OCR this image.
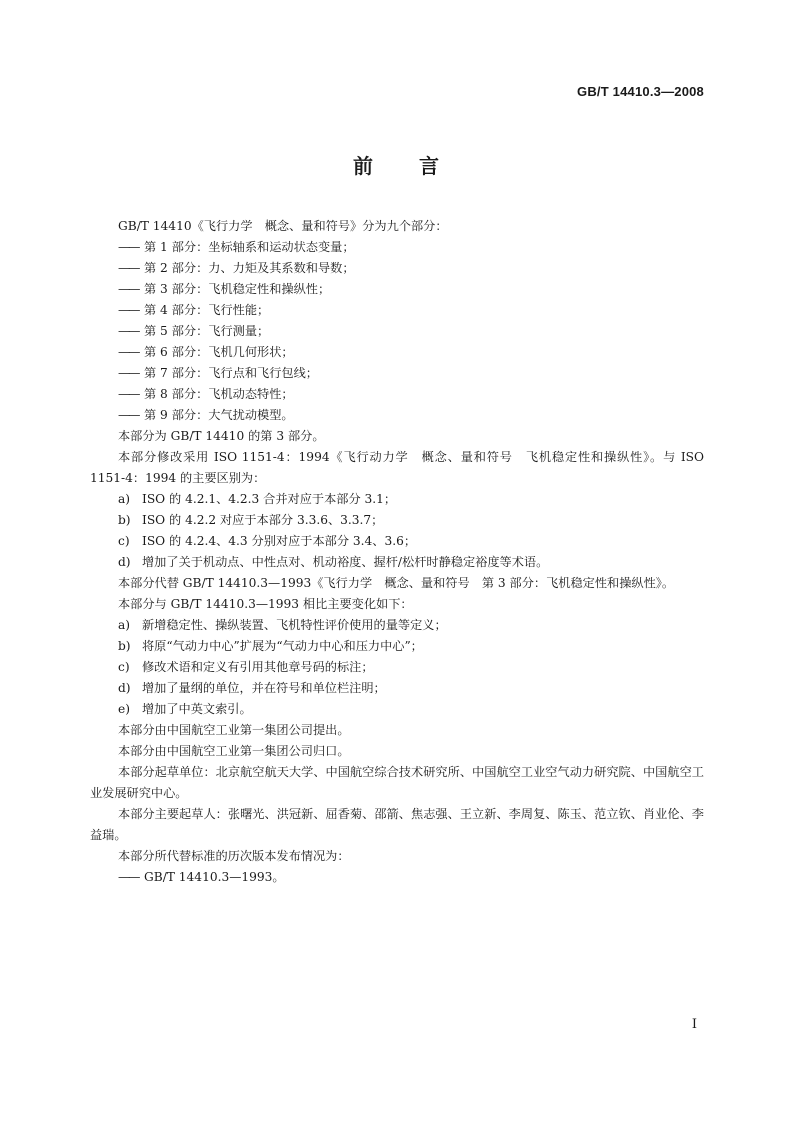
GB/T 14410.3—2008
前 言

GB/T 14410《飞行力学　概念、量和符号》分为九个部分：

—— 第 1 部分：坐标轴系和运动状态变量；

—— 第 2 部分：力、力矩及其系数和导数；

—— 第 3 部分：飞机稳定性和操纵性；

—— 第 4 部分：飞行性能；

—— 第 5 部分：飞行测量；

—— 第 6 部分：飞机几何形状；

—— 第 7 部分：飞行点和飞行包线；

—— 第 8 部分：飞机动态特性；

—— 第 9 部分：大气扰动模型。

本部分为 GB/T 14410 的第 3 部分。

本部分修改采用 ISO 1151-4：1994《飞行动力学　概念、量和符号　飞机稳定性和操纵性》。与 ISO 1151-4：1994 的主要区别为：

a) ISO 的 4.2.1、4.2.3 合并对应于本部分 3.1；

b) ISO 的 4.2.2 对应于本部分 3.3.6、3.3.7；

c) ISO 的 4.2.4、4.3 分别对应于本部分 3.4、3.6；

d) 增加了关于机动点、中性点对、机动裕度、握杆/松杆时静稳定裕度等术语。

本部分代替 GB/T 14410.3—1993《飞行力学　概念、量和符号　第 3 部分：飞机稳定性和操纵性》。

本部分与 GB/T 14410.3—1993 相比主要变化如下：

a) 新增稳定性、操纵装置、飞机特性评价使用的量等定义；

b) 将原“气动力中心”扩展为“气动力中心和压力中心”；

c) 修改术语和定义有引用其他章号码的标注；

d) 增加了量纲的单位，并在符号和单位栏注明；

e) 增加了中英文索引。

本部分由中国航空工业第一集团公司提出。

本部分由中国航空工业第一集团公司归口。

本部分起草单位：北京航空航天大学、中国航空综合技术研究所、中国航空工业空气动力研究院、中国航空工业发展研究中心。

本部分主要起草人：张曙光、洪冠新、屈香菊、邵箭、焦志强、王立新、李周复、陈玉、范立钦、肖业伦、李益瑞。

本部分所代替标准的历次版本发布情况为：

—— GB/T 14410.3—1993。

I
